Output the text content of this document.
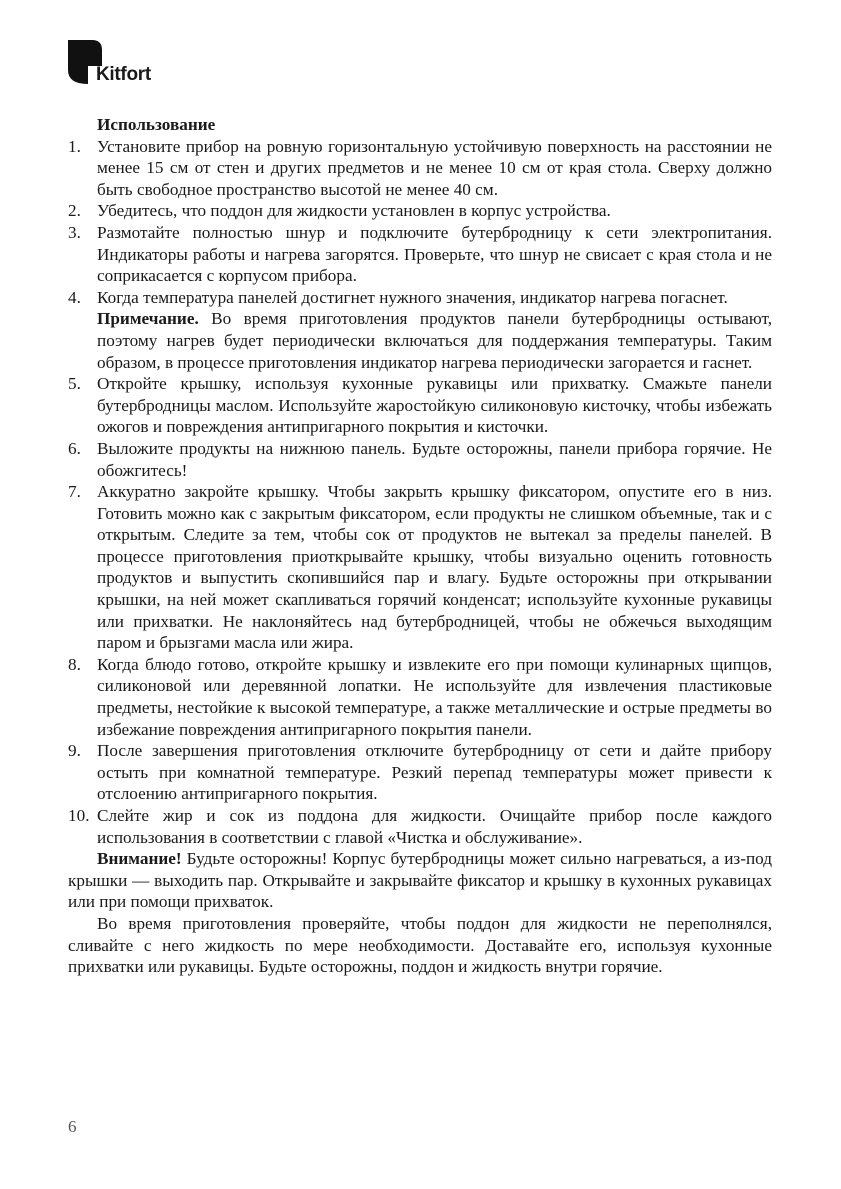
Kitfort

Использование

1. Установите прибор на ровную горизонтальную устойчивую поверхность на расстоянии не менее 15 см от стен и других предметов и не менее 10 см от края стола. Сверху должно быть свободное пространство высотой не менее 40 см.
2. Убедитесь, что поддон для жидкости установлен в корпус устройства.
3. Размотайте полностью шнур и подключите бутербродницу к сети электропитания. Индикаторы работы и нагрева загорятся. Проверьте, что шнур не свисает с края стола и не соприкасается с корпусом прибора.
4. Когда температура панелей достигнет нужного значения, индикатор нагрева погаснет.
Примечание. Во время приготовления продуктов панели бутербродницы остывают, поэтому нагрев будет периодически включаться для поддержания температуры. Таким образом, в процессе приготовления индикатор нагрева периодически загорается и гаснет.
5. Откройте крышку, используя кухонные рукавицы или прихватку. Смажьте панели бутербродницы маслом. Используйте жаростойкую силиконовую кисточку, чтобы избежать ожогов и повреждения антипригарного покрытия и кисточки.
6. Выложите продукты на нижнюю панель. Будьте осторожны, панели прибора горячие. Не обожгитесь!
7. Аккуратно закройте крышку. Чтобы закрыть крышку фиксатором, опустите его в низ. Готовить можно как с закрытым фиксатором, если продукты не слишком объемные, так и с открытым. Следите за тем, чтобы сок от продуктов не вытекал за пределы панелей. В процессе приготовления приоткрывайте крышку, чтобы визуально оценить готовность продуктов и выпустить скопившийся пар и влагу. Будьте осторожны при открывании крышки, на ней может скапливаться горячий конденсат; используйте кухонные рукавицы или прихватки. Не наклоняйтесь над бутербродницей, чтобы не обжечься выходящим паром и брызгами масла или жира.
8. Когда блюдо готово, откройте крышку и извлеките его при помощи кулинарных щипцов, силиконовой или деревянной лопатки. Не используйте для извлечения пластиковые предметы, нестойкие к высокой температуре, а также металлические и острые предметы во избежание повреждения антипригарного покрытия панели.
9. После завершения приготовления отключите бутербродницу от сети и дайте прибору остыть при комнатной температуре. Резкий перепад температуры может привести к отслоению антипригарного покрытия.
10. Слейте жир и сок из поддона для жидкости. Очищайте прибор после каждого использования в соответствии с главой «Чистка и обслуживание».

Внимание! Будьте осторожны! Корпус бутербродницы может сильно нагреваться, а из-под крышки — выходить пар. Открывайте и закрывайте фиксатор и крышку в кухонных рукавицах или при помощи прихваток.

Во время приготовления проверяйте, чтобы поддон для жидкости не переполнялся, сливайте с него жидкость по мере необходимости. Доставайте его, используя кухонные прихватки или рукавицы. Будьте осторожны, поддон и жидкость внутри горячие.

6
